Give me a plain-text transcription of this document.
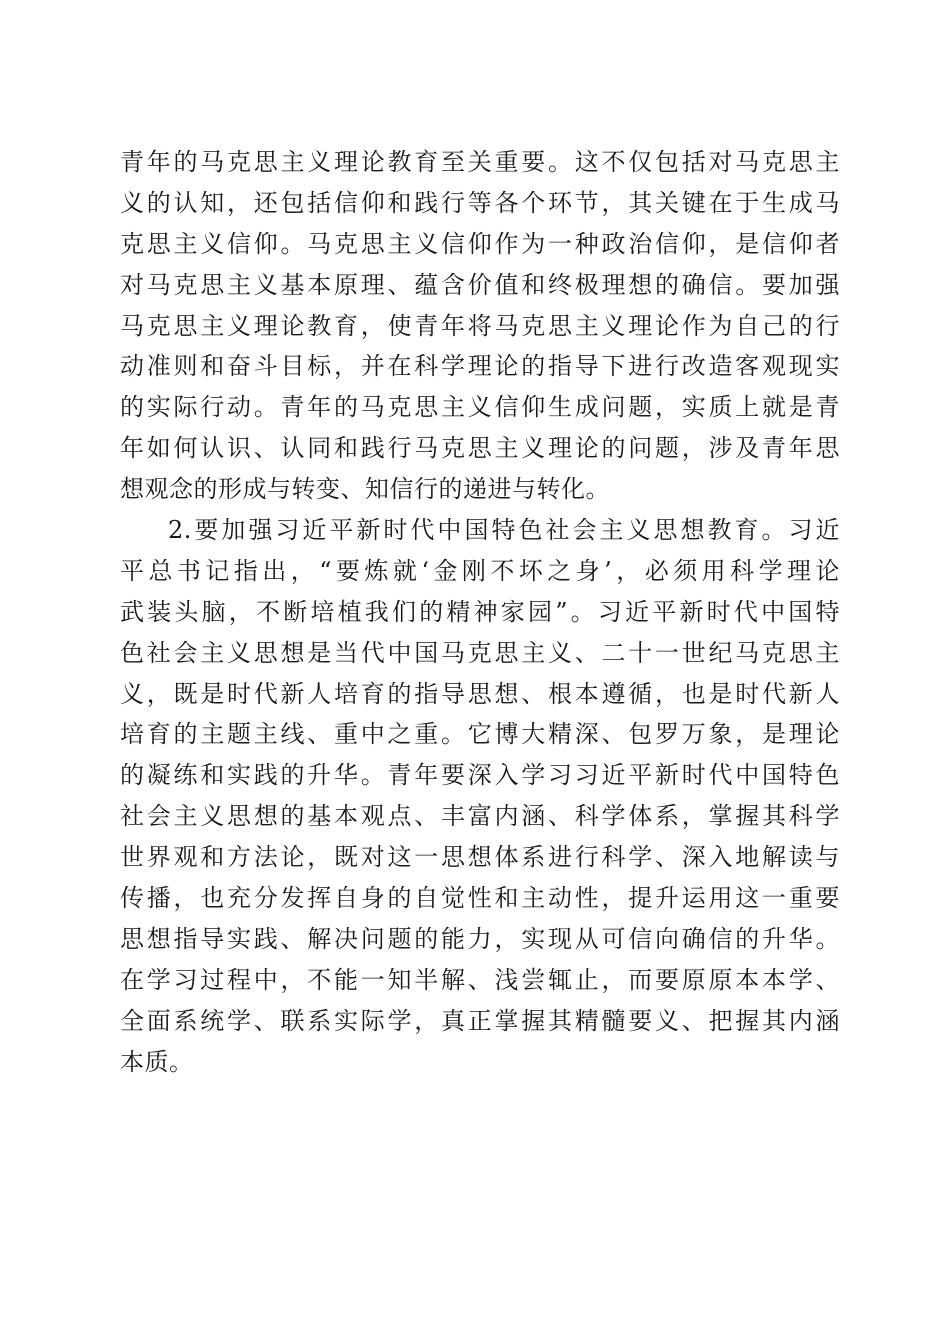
青年的马克思主义理论教育至关重要。这不仅包括对马克思主
义的认知，还包括信仰和践行等各个环节，其关键在于生成马
克思主义信仰。马克思主义信仰作为一种政治信仰，是信仰者
对马克思主义基本原理、蕴含价值和终极理想的确信。要加强
马克思主义理论教育，使青年将马克思主义理论作为自己的行
动准则和奋斗目标，并在科学理论的指导下进行改造客观现实
的实际行动。青年的马克思主义信仰生成问题，实质上就是青
年如何认识、认同和践行马克思主义理论的问题，涉及青年思
想观念的形成与转变、知信行的递进与转化。
2.要加强习近平新时代中国特色社会主义思想教育。习近
平总书记指出，“要炼就‘金刚不坏之身’，必须用科学理论
武装头脑，不断培植我们的精神家园”。习近平新时代中国特
色社会主义思想是当代中国马克思主义、二十一世纪马克思主
义，既是时代新人培育的指导思想、根本遵循，也是时代新人
培育的主题主线、重中之重。它博大精深、包罗万象，是理论
的凝练和实践的升华。青年要深入学习习近平新时代中国特色
社会主义思想的基本观点、丰富内涵、科学体系，掌握其科学
世界观和方法论，既对这一思想体系进行科学、深入地解读与
传播，也充分发挥自身的自觉性和主动性，提升运用这一重要
思想指导实践、解决问题的能力，实现从可信向确信的升华。
在学习过程中，不能一知半解、浅尝辄止，而要原原本本学、
全面系统学、联系实际学，真正掌握其精髓要义、把握其内涵
本质。
